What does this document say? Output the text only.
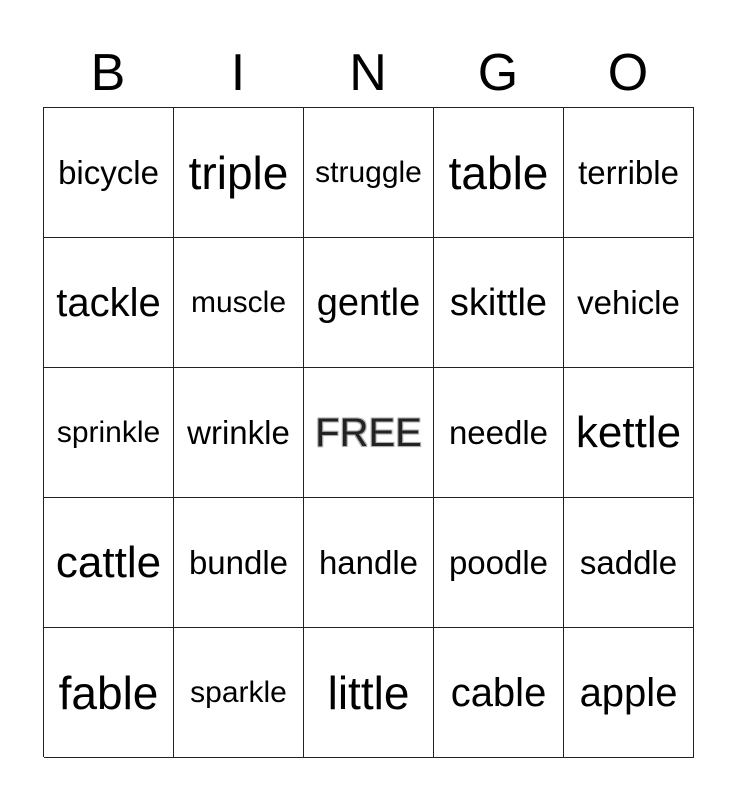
B	I	N	G	O
bicycle triple struggle table terrible
tackle	muscle gentle skittle vehicle
sprinkle wrinkle FREE needle kettle
cattle bundle handle poodle saddle
fable	sparkle little	cable apple
